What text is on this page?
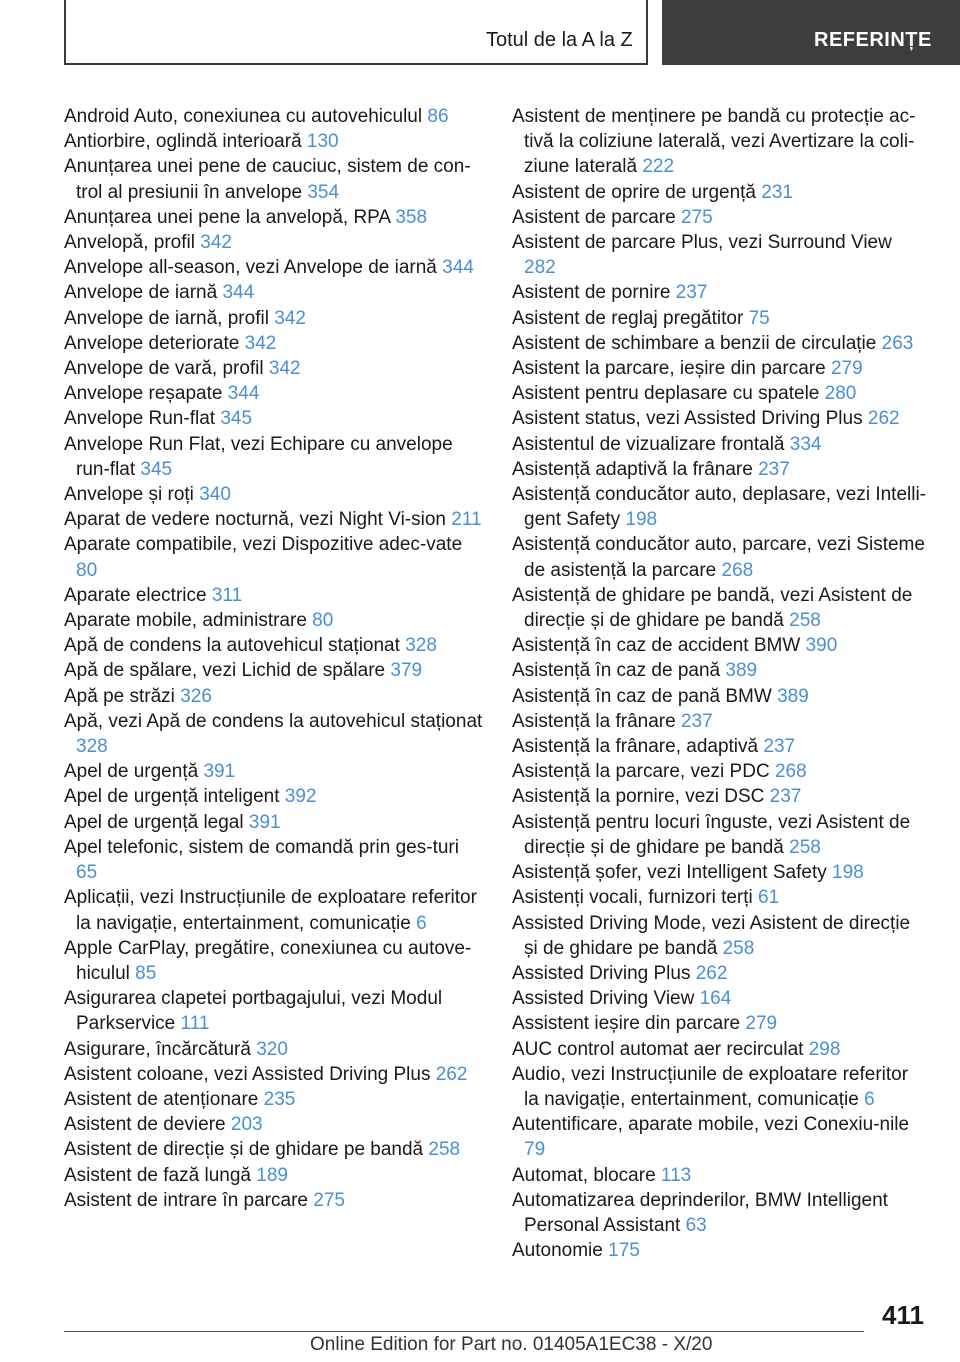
Totul de la A la Z	REFERINȚE
Android Auto, conexiunea cu autovehiculul 86
Antiorbire, oglindă interioară 130
Anunțarea unei pene de cauciuc, sistem de con-trol al presiunii în anvelope 354
Anunțarea unei pene la anvelopă, RPA 358
Anvelopă, profil 342
Anvelope all-season, vezi Anvelope de iarnă 344
Anvelope de iarnă 344
Anvelope de iarnă, profil 342
Anvelope deteriorate 342
Anvelope de vară, profil 342
Anvelope reșapate 344
Anvelope Run-flat 345
Anvelope Run Flat, vezi Echipare cu anvelope run-flat 345
Anvelope și roți 340
Aparat de vedere nocturnă, vezi Night Vi-sion 211
Aparate compatibile, vezi Dispozitive adec-vate 80
Aparate electrice 311
Aparate mobile, administrare 80
Apă de condens la autovehicul staționat 328
Apă de spălare, vezi Lichid de spălare 379
Apă pe străzi 326
Apă, vezi Apă de condens la autovehicul staționat 328
Apel de urgență 391
Apel de urgență inteligent 392
Apel de urgență legal 391
Apel telefonic, sistem de comandă prin ges-turi 65
Aplicații, vezi Instrucțiunile de exploatare referitor la navigație, entertainment, comunicație 6
Apple CarPlay, pregătire, conexiunea cu autove-hiculul 85
Asigurarea clapetei portbagajului, vezi Modul Parkservice 111
Asigurare, încărcătură 320
Asistent coloane, vezi Assisted Driving Plus 262
Asistent de atenționare 235
Asistent de deviere 203
Asistent de direcție și de ghidare pe bandă 258
Asistent de fază lungă 189
Asistent de intrare în parcare 275
Asistent de menținere pe bandă cu protecție ac-tivă la coliziune laterală, vezi Avertizare la coli-ziune laterală 222
Asistent de oprire de urgență 231
Asistent de parcare 275
Asistent de parcare Plus, vezi Surround View 282
Asistent de pornire 237
Asistent de reglaj pregătitor 75
Asistent de schimbare a benzii de circulație 263
Asistent la parcare, ieșire din parcare 279
Asistent pentru deplasare cu spatele 280
Asistent status, vezi Assisted Driving Plus 262
Asistentul de vizualizare frontală 334
Asistență adaptivă la frânare 237
Asistență conducător auto, deplasare, vezi Intelli-gent Safety 198
Asistență conducător auto, parcare, vezi Sisteme de asistență la parcare 268
Asistență de ghidare pe bandă, vezi Asistent de direcție și de ghidare pe bandă 258
Asistență în caz de accident BMW 390
Asistență în caz de pană 389
Asistență în caz de pană BMW 389
Asistență la frânare 237
Asistență la frânare, adaptivă 237
Asistență la parcare, vezi PDC 268
Asistență la pornire, vezi DSC 237
Asistență pentru locuri înguste, vezi Asistent de direcție și de ghidare pe bandă 258
Asistență șofer, vezi Intelligent Safety 198
Asistenți vocali, furnizori terți 61
Assisted Driving Mode, vezi Asistent de direcție și de ghidare pe bandă 258
Assisted Driving Plus 262
Assisted Driving View 164
Assistent ieșire din parcare 279
AUC control automat aer recirculat 298
Audio, vezi Instrucțiunile de exploatare referitor la navigație, entertainment, comunicație 6
Autentificare, aparate mobile, vezi Conexiu-nile 79
Automat, blocare 113
Automatizarea deprinderilor, BMW Intelligent Personal Assistant 63
Autonomie 175
411
Online Edition for Part no. 01405A1EC38 - X/20
